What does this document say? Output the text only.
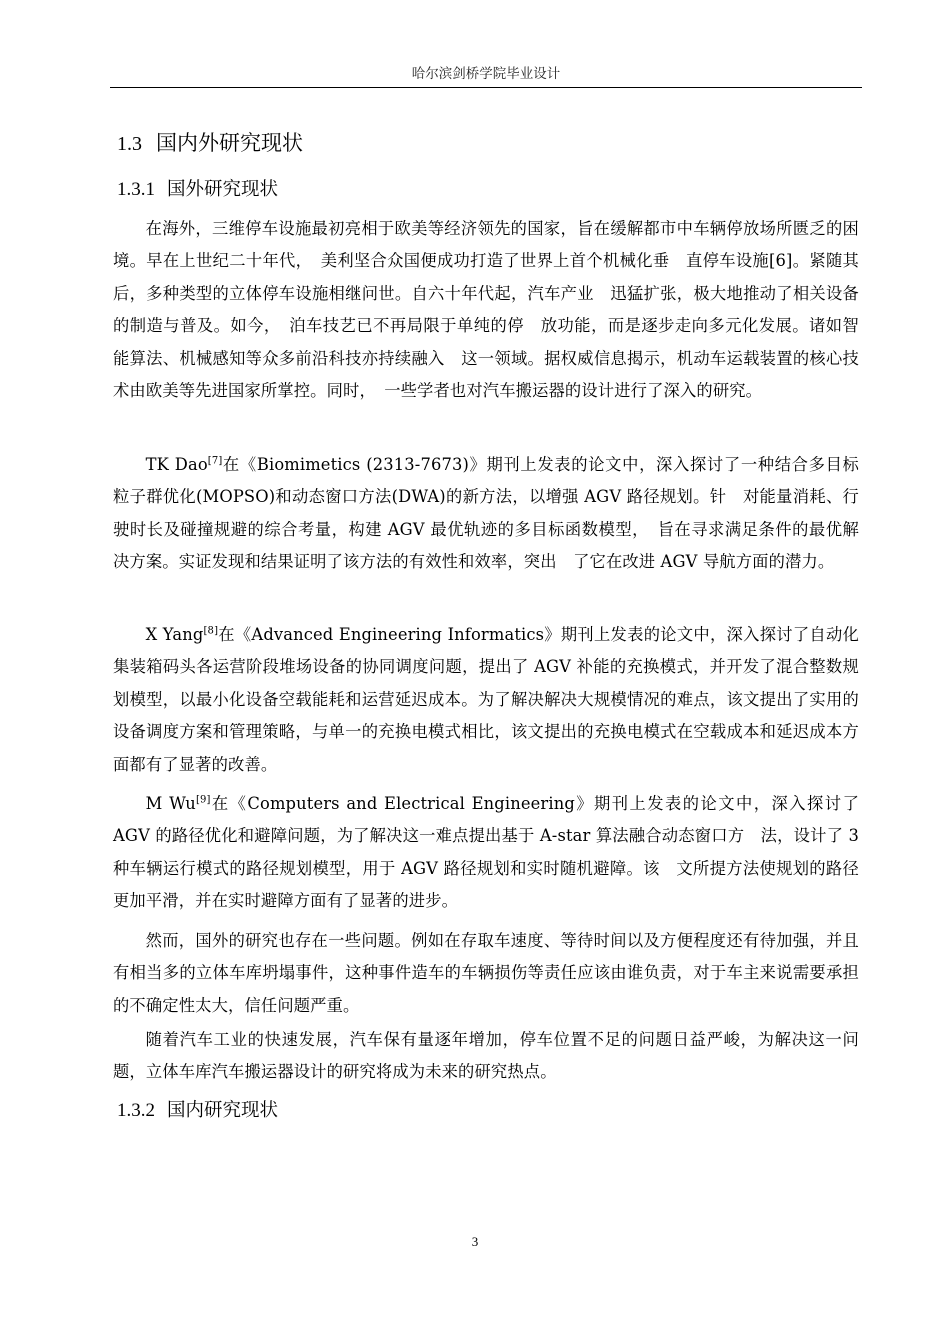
哈尔滨剑桥学院毕业设计
1.3 国内外研究现状
1.3.1 国外研究现状

在海外，三维停车设施最初亮相于欧美等经济领先的国家，旨在缓解都市中车辆停放场所匮乏的困境。早在上世纪二十年代，　美利坚合众国便成功打造了世界上首个机械化垂　直停车设施[6]。紧随其后，多种类型的立体停车设施相继问世。自六十年代起，汽车产业　迅猛扩张，极大地推动了相关设备的制造与普及。如今，　泊车技艺已不再局限于单纯的停　放功能，而是逐步走向多元化发展。诸如智能算法、机械感知等众多前沿科技亦持续融入　这一领域。据权威信息揭示，机动车运载装置的核心技术由欧美等先进国家所掌控。同时，　一些学者也对汽车搬运器的设计进行了深入的研究。

TK Dao[7]在《Biomimetics (2313-7673)》期刊上发表的论文中，深入探讨了一种结合多目标粒子群优化(MOPSO)和动态窗口方法(DWA)的新方法，以增强 AGV 路径规划。针　对能量消耗、行驶时长及碰撞规避的综合考量，构建 AGV 最优轨迹的多目标函数模型，　旨在寻求满足条件的最优解决方案。实证发现和结果证明了该方法的有效性和效率，突出　了它在改进 AGV 导航方面的潜力。

X Yang[8]在《Advanced Engineering Informatics》期刊上发表的论文中，深入探讨了自动化集装箱码头各运营阶段堆场设备的协同调度问题，提出了 AGV 补能的充换模式，并开发了混合整数规划模型，以最小化设备空载能耗和运营延迟成本。为了解决解决大规模情况的难点，该文提出了实用的设备调度方案和管理策略，与单一的充换电模式相比，该文提出的充换电模式在空载成本和延迟成本方面都有了显著的改善。

M Wu[9]在《Computers and Electrical Engineering》期刊上发表的论文中，深入探讨了 AGV 的路径优化和避障问题，为了解决这一难点提出基于 A-star 算法融合动态窗口方　法，设计了 3 种车辆运行模式的路径规划模型，用于 AGV 路径规划和实时随机避障。该　文所提方法使规划的路径更加平滑，并在实时避障方面有了显著的进步。

然而，国外的研究也存在一些问题。例如在存取车速度、等待时间以及方便程度还有待加强，并且有相当多的立体车库坍塌事件，这种事件造车的车辆损伤等责任应该由谁负责，对于车主来说需要承担的不确定性太大，信任问题严重。

随着汽车工业的快速发展，汽车保有量逐年增加，停车位置不足的问题日益严峻，为解决这一问题，立体车库汽车搬运器设计的研究将成为未来的研究热点。

1.3.2 国内研究现状
3
